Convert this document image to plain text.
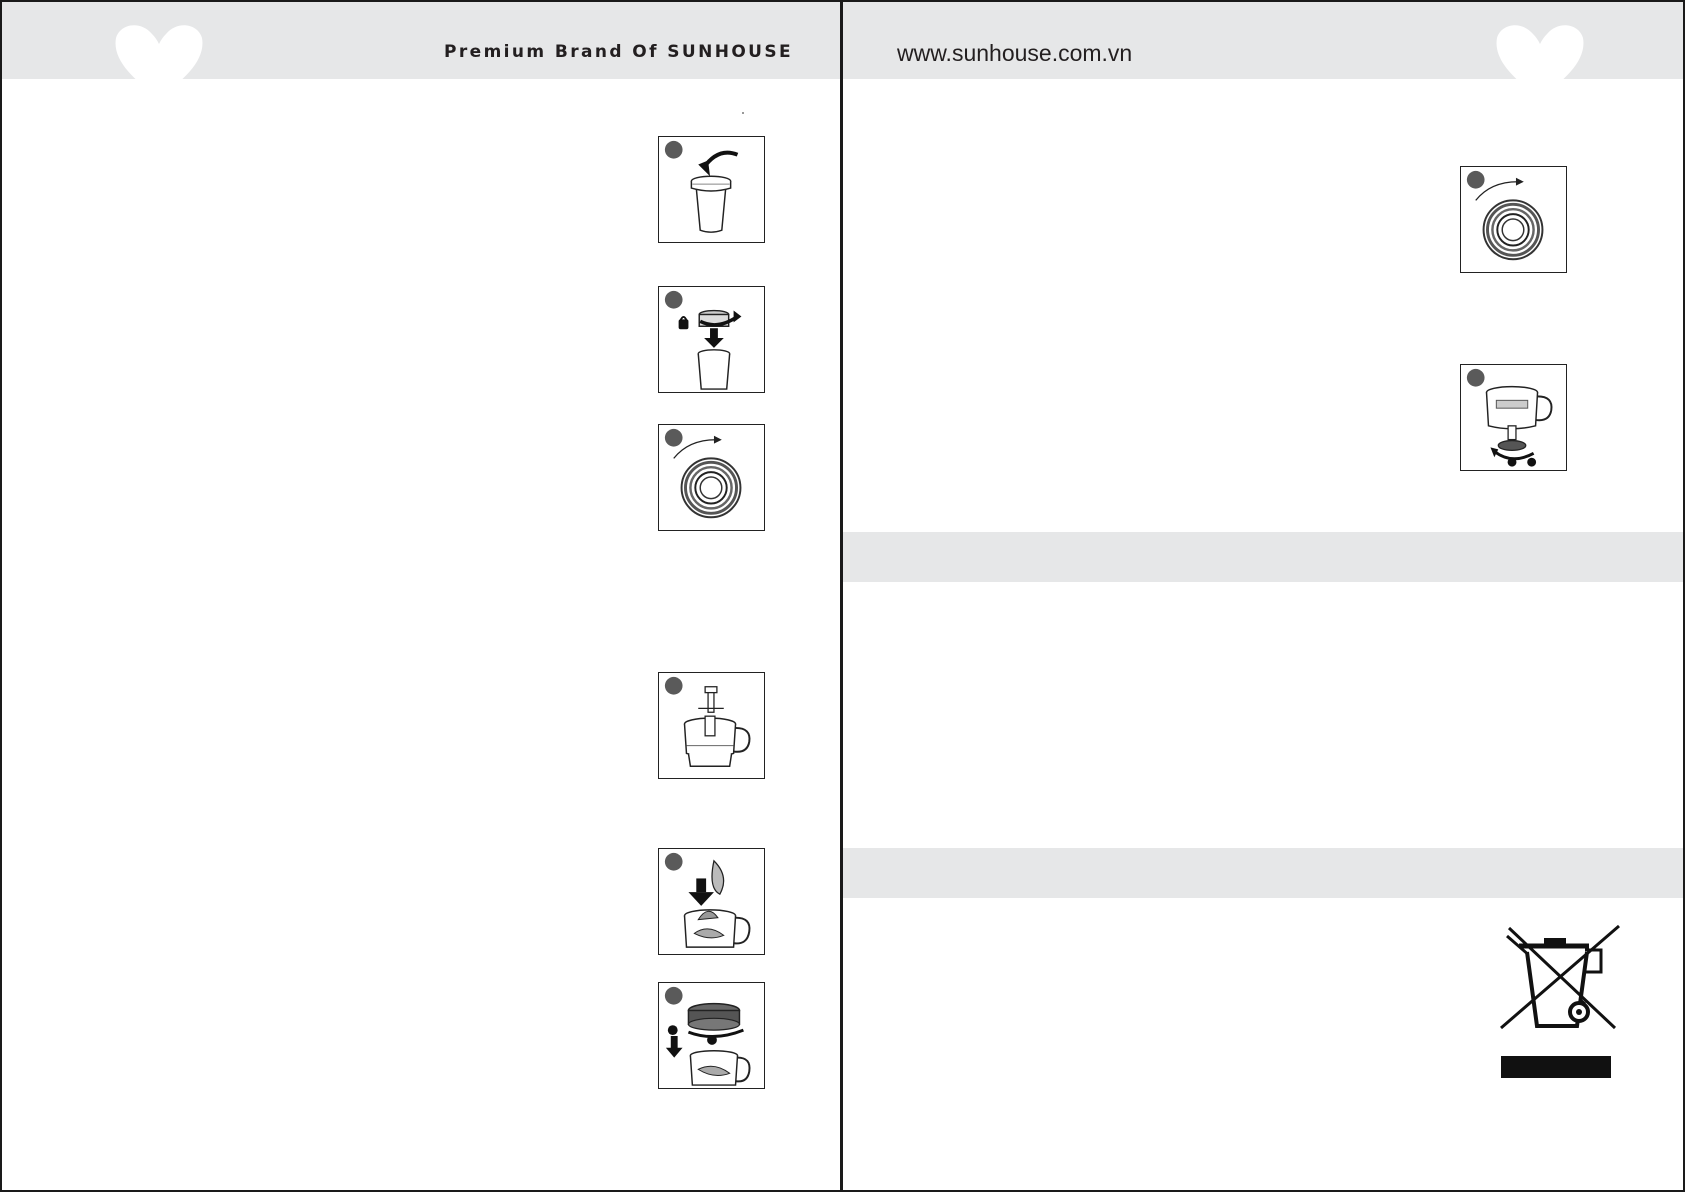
Premium Brand Of SUNHOUSE	www.sunhouse.com.vn
